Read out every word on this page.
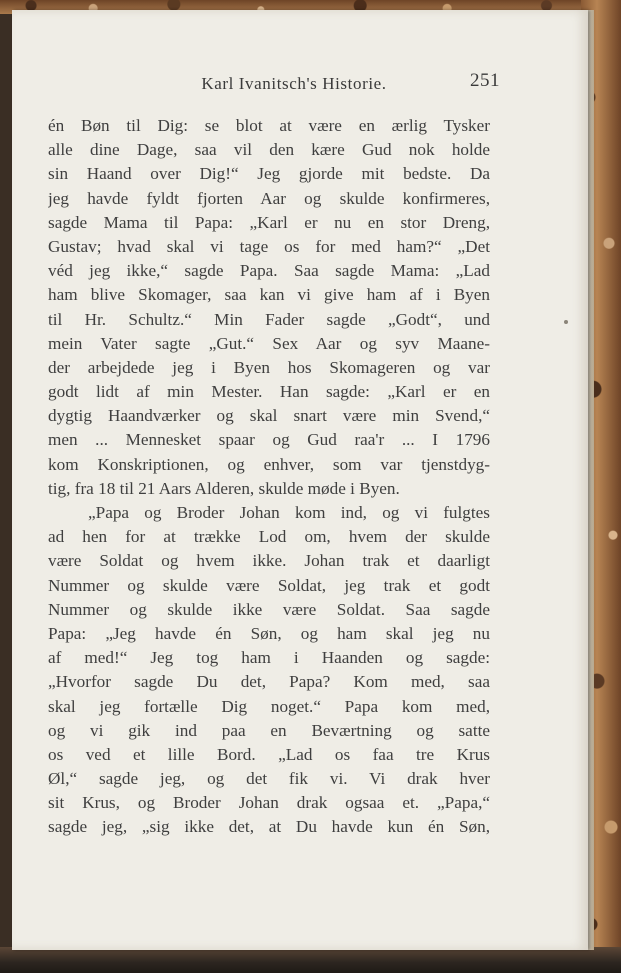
Karl Ivanitsch's Historie.	251
én Bøn til Dig: se blot at være en ærlig Tysker
alle dine Dage, saa vil den kære Gud nok holde
sin Haand over Dig!“ Jeg gjorde mit bedste. Da
jeg havde fyldt fjorten Aar og skulde konfirmeres,
sagde Mama til Papa: „Karl er nu en stor Dreng,
Gustav; hvad skal vi tage os for med ham?“ „Det
véd jeg ikke,“ sagde Papa. Saa sagde Mama: „Lad
ham blive Skomager, saa kan vi give ham af i Byen
til Hr. Schultz.“ Min Fader sagde „Godt“, und
mein Vater sagte „Gut.“ Sex Aar og syv Maane-
der arbejdede jeg i Byen hos Skomageren og var
godt lidt af min Mester. Han sagde: „Karl er en
dygtig Haandværker og skal snart være min Svend,“
men ... Mennesket spaar og Gud raa'r ... I 1796
kom Konskriptionen, og enhver, som var tjenstdyg-
tig, fra 18 til 21 Aars Alderen, skulde møde i Byen.
„Papa og Broder Johan kom ind, og vi fulgtes
ad hen for at trække Lod om, hvem der skulde
være Soldat og hvem ikke. Johan trak et daarligt
Nummer og skulde være Soldat, jeg trak et godt
Nummer og skulde ikke være Soldat. Saa sagde
Papa: „Jeg havde én Søn, og ham skal jeg nu
af med!“ Jeg tog ham i Haanden og sagde:
„Hvorfor sagde Du det, Papa? Kom med, saa
skal jeg fortælle Dig noget.“ Papa kom med,
og vi gik ind paa en Beværtning og satte
os ved et lille Bord. „Lad os faa tre Krus
Øl,“ sagde jeg, og det fik vi. Vi drak hver
sit Krus, og Broder Johan drak ogsaa et. „Papa,“
sagde jeg, „sig ikke det, at Du havde kun én Søn,
